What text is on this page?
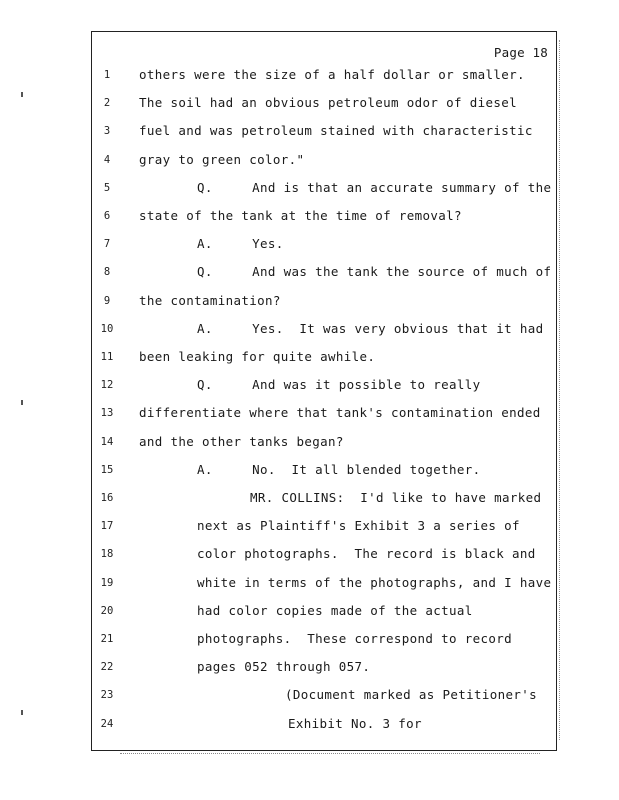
Page 18
1	others were the size of a half dollar or smaller.
2	The soil had an obvious petroleum odor of diesel
3	fuel and was petroleum stained with characteristic
4	gray to green color."
5	Q.     And is that an accurate summary of the
6	state of the tank at the time of removal?
7	A.     Yes.
8	Q.     And was the tank the source of much of
9	the contamination?
10	A.     Yes.  It was very obvious that it had
11 been leaking for quite awhile.
12	Q.     And was it possible to really
13 differentiate where that tank's contamination ended
14 and the other tanks began?
15	A.     No.  It all blended together.
16	MR. COLLINS:  I'd like to have marked
17	next as Plaintiff's Exhibit 3 a series of
18	color photographs.  The record is black and
19	white in terms of the photographs, and I have
20	had color copies made of the actual
21	photographs.  These correspond to record
22	pages 052 through 057.
23	(Document marked as Petitioner's
24	Exhibit No. 3 for
